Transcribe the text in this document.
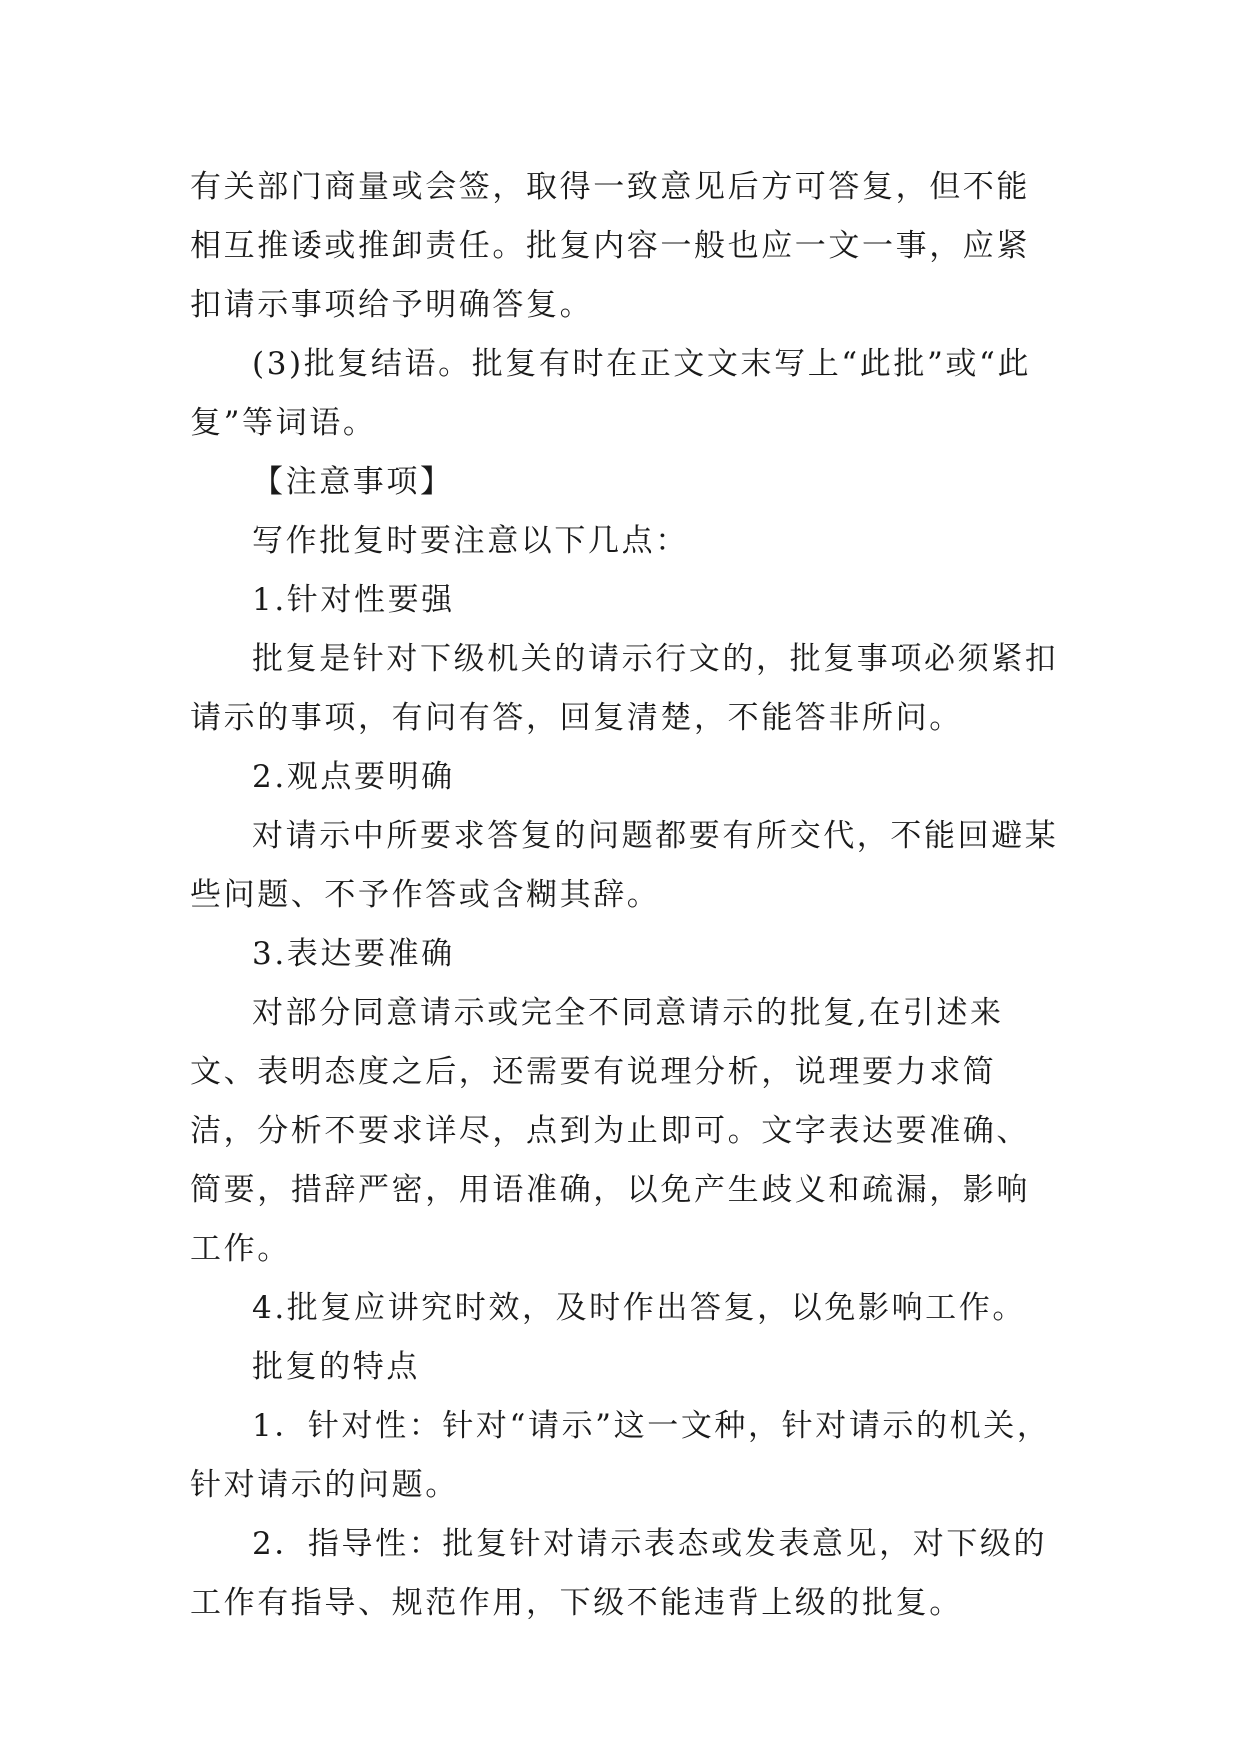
有关部门商量或会签，取得一致意见后方可答复，但不能相互推诿或推卸责任。批复内容一般也应一文一事，应紧扣请示事项给予明确答复。

(3)批复结语。批复有时在正文文末写上“此批”或“此复”等词语。

【注意事项】

写作批复时要注意以下几点：

1.针对性要强

批复是针对下级机关的请示行文的，批复事项必须紧扣请示的事项，有问有答，回复清楚，不能答非所问。

2.观点要明确

对请示中所要求答复的问题都要有所交代，不能回避某些问题、不予作答或含糊其辞。

3.表达要准确

对部分同意请示或完全不同意请示的批复,在引述来文、表明态度之后，还需要有说理分析，说理要力求简洁，分析不要求详尽，点到为止即可。文字表达要准确、简要，措辞严密，用语准确，以免产生歧义和疏漏，影响工作。

4.批复应讲究时效，及时作出答复，以免影响工作。

批复的特点

1．针对性：针对“请示”这一文种，针对请示的机关，针对请示的问题。

2．指导性：批复针对请示表态或发表意见，对下级的工作有指导、规范作用，下级不能违背上级的批复。
